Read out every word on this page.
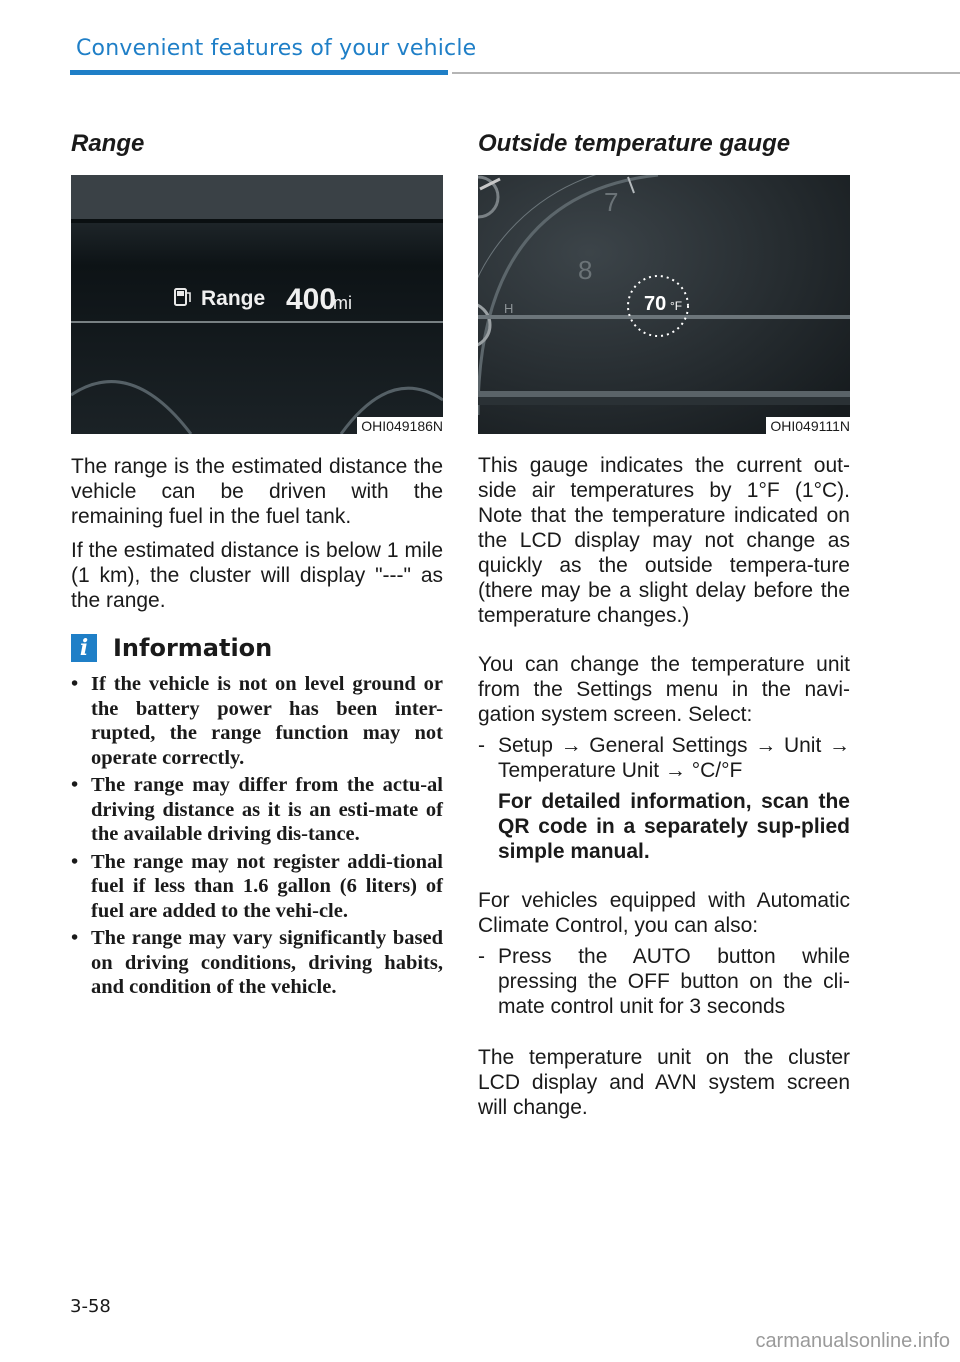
Convenient features of your vehicle
Range
Range 400
mi
OHI049186N

The range is the estimated distance the vehicle can be driven with the remaining fuel in the fuel tank.

If the estimated distance is below 1 mile (1 km), the cluster will display "---" as the range.

i	Information
• If the vehicle is not on level ground or the battery power has been inter-rupted, the range function may not operate correctly.
• The range may differ from the actu-al driving distance as it is an esti-mate of the available driving dis-tance.
• The range may not register addi-tional fuel if less than 1.6 gallon (6 liters) of fuel are added to the vehi-cle.
• The range may vary significantly based on driving conditions, driving habits, and condition of the vehicle.
Outside temperature gauge
7
8
H	70 °F
OHI049111N

This gauge indicates the current out-side air temperatures by 1°F (1°C). Note that the temperature indicated on the LCD display may not change as quickly as the outside tempera-ture (there may be a slight delay before the temperature changes.)

You can change the temperature unit from the Settings menu in the navi-gation system screen. Select:

- Setup → General Settings → Unit → Temperature Unit → °C/°F

For detailed information, scan the QR code in a separately sup-plied simple manual.

For vehicles equipped with Automatic Climate Control, you can also:

- Press the AUTO button while pressing the OFF button on the cli-mate control unit for 3 seconds

The temperature unit on the cluster LCD display and AVN system screen will change.

3-58
carmanualsonline.info
